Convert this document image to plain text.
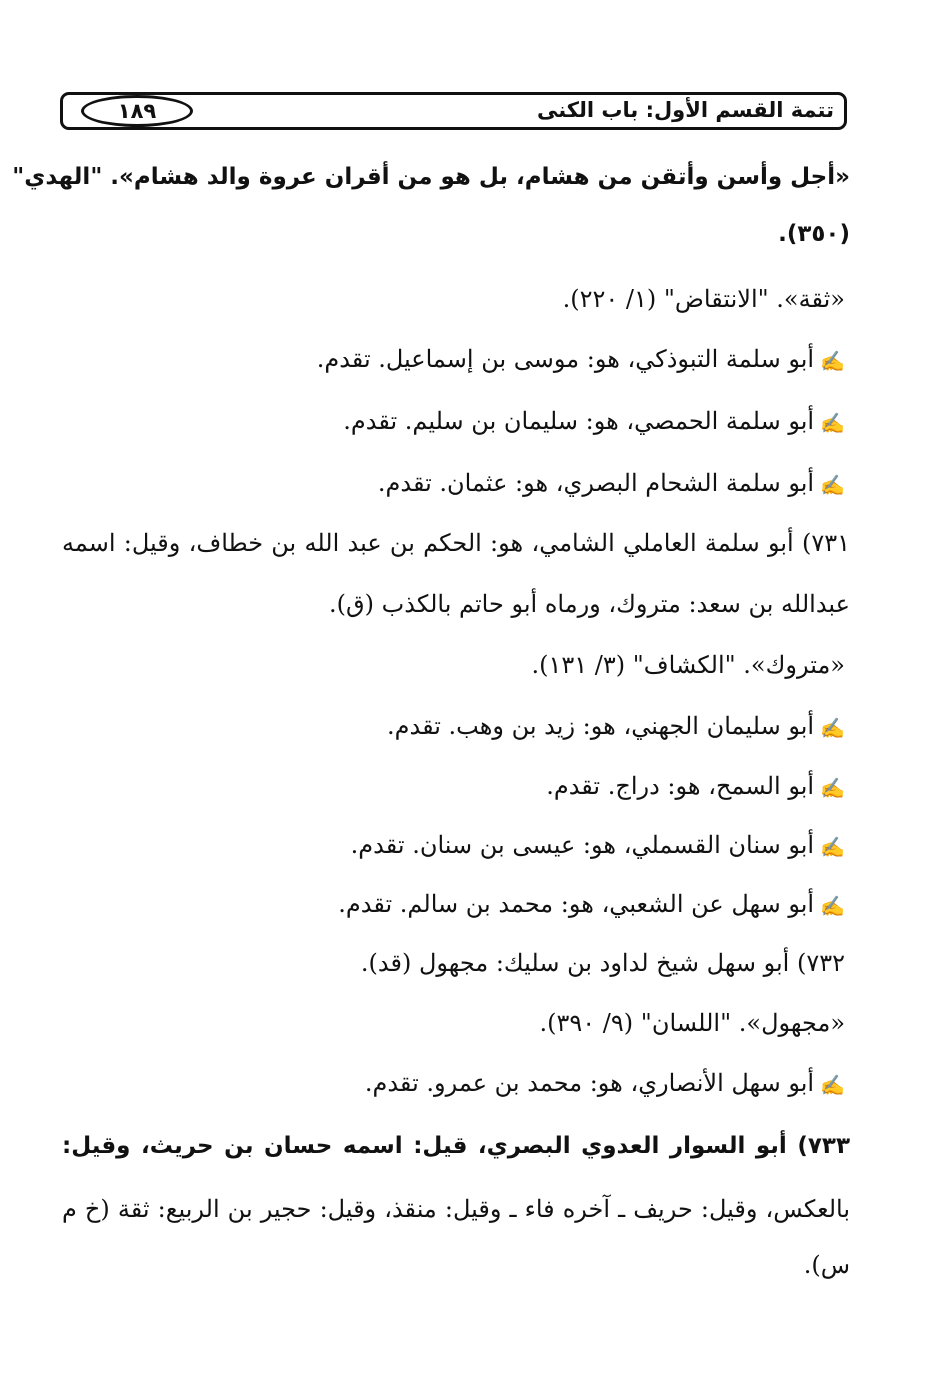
تتمة القسم الأول: باب الكنى
١٨٩
«أجل وأسن وأتقن من هشام، بل هو من أقران عروة والد هشام». "الهدي"
(٣٥٠).
«ثقة». "الانتقاض" (١/ ٢٢٠).
✍أبو سلمة التبوذكي، هو: موسى بن إسماعيل. تقدم.
✍أبو سلمة الحمصي، هو: سليمان بن سليم. تقدم.
✍أبو سلمة الشحام البصري، هو: عثمان. تقدم.
٧٣١) أبو سلمة العاملي الشامي، هو: الحكم بن عبد الله بن خطاف، وقيل: اسمه
عبدالله بن سعد: متروك، ورماه أبو حاتم بالكذب (ق).
«متروك». "الكشاف" (٣/ ١٣١).
✍أبو سليمان الجهني، هو: زيد بن وهب. تقدم.
✍أبو السمح، هو: دراج. تقدم.
✍أبو سنان القسملي، هو: عيسى بن سنان. تقدم.
✍أبو سهل عن الشعبي، هو: محمد بن سالم. تقدم.
٧٣٢) أبو سهل شيخ لداود بن سليك: مجهول (قد).
«مجهول». "اللسان" (٩/ ٣٩٠).
✍أبو سهل الأنصاري، هو: محمد بن عمرو. تقدم.
٧٣٣) أبو السوار العدوي البصري، قيل: اسمه حسان بن حريث، وقيل:
بالعكس، وقيل: حريف ـ آخره فاء ـ وقيل: منقذ، وقيل: حجير بن الربيع: ثقة (خ م
س).
